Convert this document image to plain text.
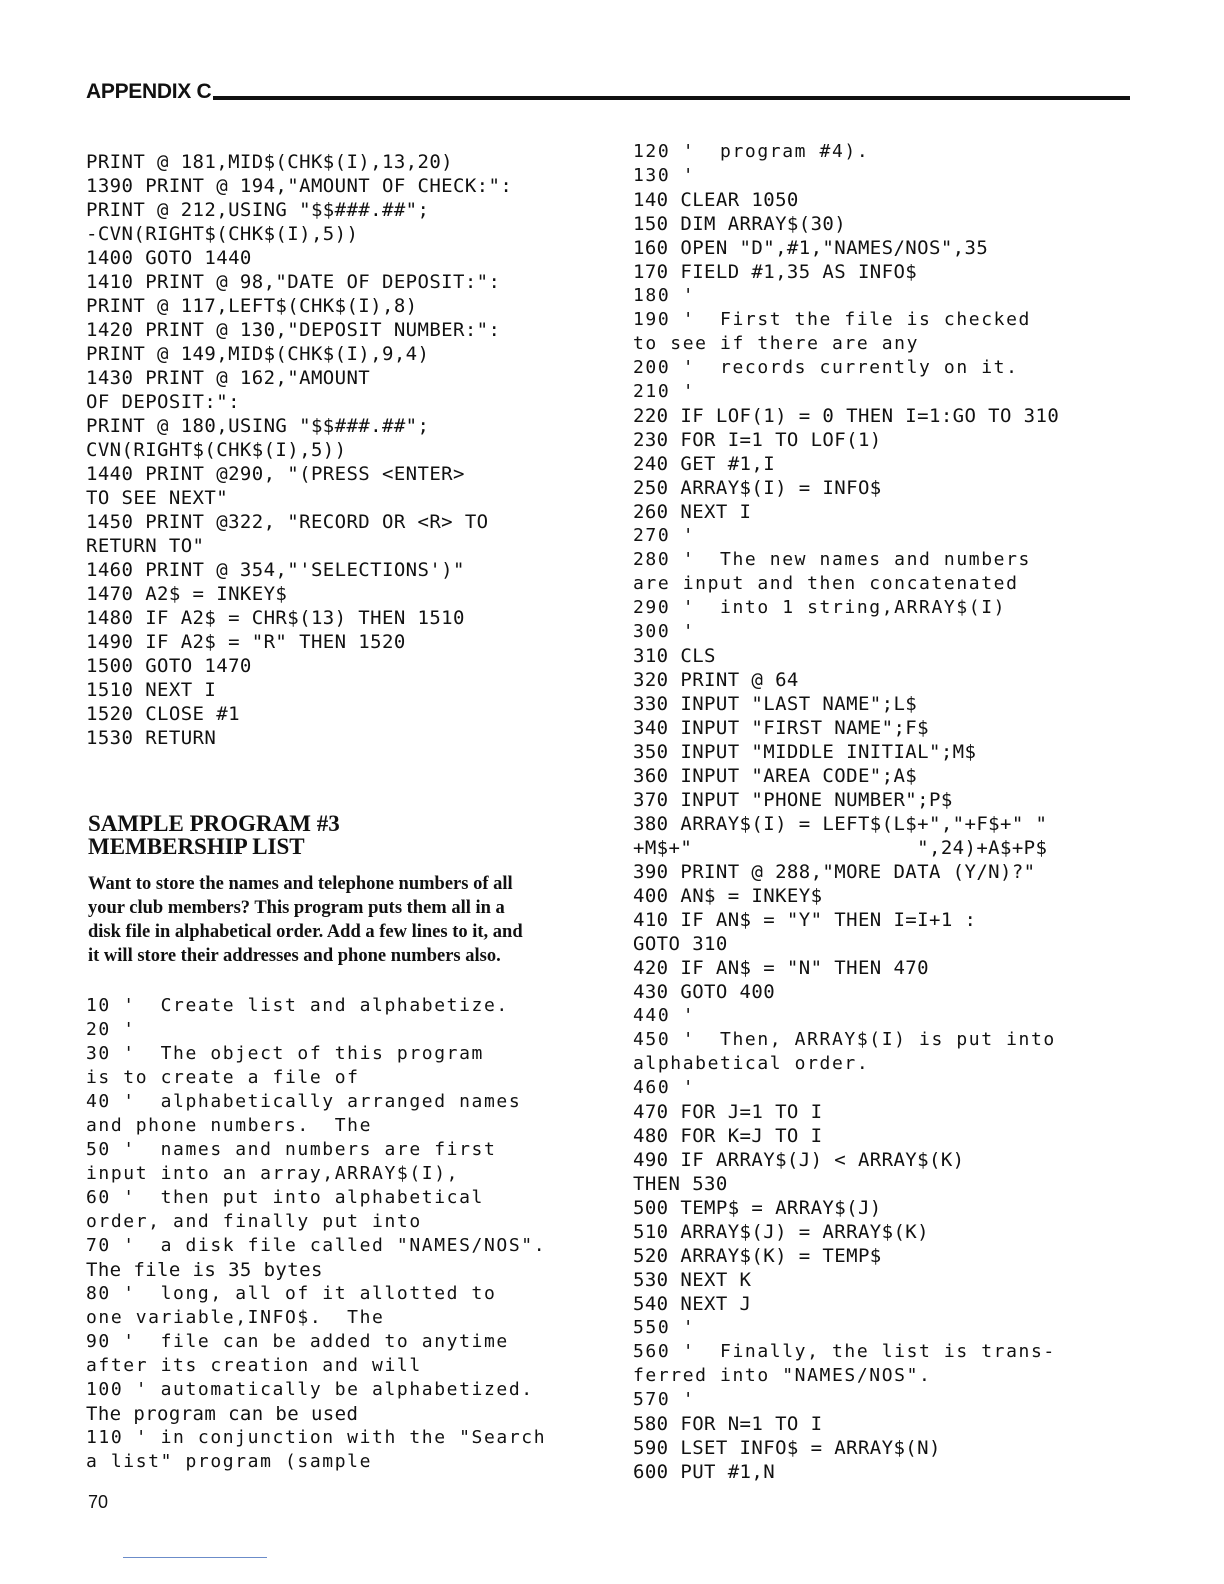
APPENDIX C
PRINT @ 181,MID$(CHK$(I),13,20)
1390 PRINT @ 194,"AMOUNT OF CHECK:":
PRINT @ 212,USING "$$###.##";
-CVN(RIGHT$(CHK$(I),5))
1400 GOTO 1440
1410 PRINT @ 98,"DATE OF DEPOSIT:":
PRINT @ 117,LEFT$(CHK$(I),8)
1420 PRINT @ 130,"DEPOSIT NUMBER:":
PRINT @ 149,MID$(CHK$(I),9,4)
1430 PRINT @ 162,"AMOUNT
OF DEPOSIT:":
PRINT @ 180,USING "$$###.##";
CVN(RIGHT$(CHK$(I),5))
1440 PRINT @290, "(PRESS <ENTER>
TO SEE NEXT"
1450 PRINT @322, "RECORD OR <R> TO
RETURN TO"
1460 PRINT @ 354,"'SELECTIONS')"
1470 A2$ = INKEY$
1480 IF A2$ = CHR$(13) THEN 1510
1490 IF A2$ = "R" THEN 1520
1500 GOTO 1470
1510 NEXT I
1520 CLOSE #1
1530 RETURN
SAMPLE PROGRAM #3
MEMBERSHIP LIST
Want to store the names and telephone numbers of all
your club members? This program puts them all in a
disk file in alphabetical order. Add a few lines to it, and
it will store their addresses and phone numbers also.
10 '  Create list and alphabetize.
20 '
30 '  The object of this program
is to create a file of
40 '  alphabetically arranged names
and phone numbers.  The
50 '  names and numbers are first
input into an array,ARRAY$(I),
60 '  then put into alphabetical
order, and finally put into
70 '  a disk file called "NAMES/NOS".
The file is 35 bytes
80 '  long, all of it allotted to
one variable,INFO$.  The
90 '  file can be added to anytime
after its creation and will
100 ' automatically be alphabetized.
The program can be used
110 ' in conjunction with the "Search
a list" program (sample
120 '  program #4).
130 '
140 CLEAR 1050
150 DIM ARRAY$(30)
160 OPEN "D",#1,"NAMES/NOS",35
170 FIELD #1,35 AS INFO$
180 '
190 '  First the file is checked
to see if there are any
200 '  records currently on it.
210 '
220 IF LOF(1) = 0 THEN I=1:GO TO 310
230 FOR I=1 TO LOF(1)
240 GET #1,I
250 ARRAY$(I) = INFO$
260 NEXT I
270 '
280 '  The new names and numbers
are input and then concatenated
290 '  into 1 string,ARRAY$(I)
300 '
310 CLS
320 PRINT @ 64
330 INPUT "LAST NAME";L$
340 INPUT "FIRST NAME";F$
350 INPUT "MIDDLE INITIAL";M$
360 INPUT "AREA CODE";A$
370 INPUT "PHONE NUMBER";P$
380 ARRAY$(I) = LEFT$(L$+","+F$+" "
+M$+"                   ",24)+A$+P$
390 PRINT @ 288,"MORE DATA (Y/N)?"
400 AN$ = INKEY$
410 IF AN$ = "Y" THEN I=I+1 :
GOTO 310
420 IF AN$ = "N" THEN 470
430 GOTO 400
440 '
450 '  Then, ARRAY$(I) is put into
alphabetical order.
460 '
470 FOR J=1 TO I
480 FOR K=J TO I
490 IF ARRAY$(J) < ARRAY$(K)
THEN 530
500 TEMP$ = ARRAY$(J)
510 ARRAY$(J) = ARRAY$(K)
520 ARRAY$(K) = TEMP$
530 NEXT K
540 NEXT J
550 '
560 '  Finally, the list is trans-
ferred into "NAMES/NOS".
570 '
580 FOR N=1 TO I
590 LSET INFO$ = ARRAY$(N)
600 PUT #1,N
70
